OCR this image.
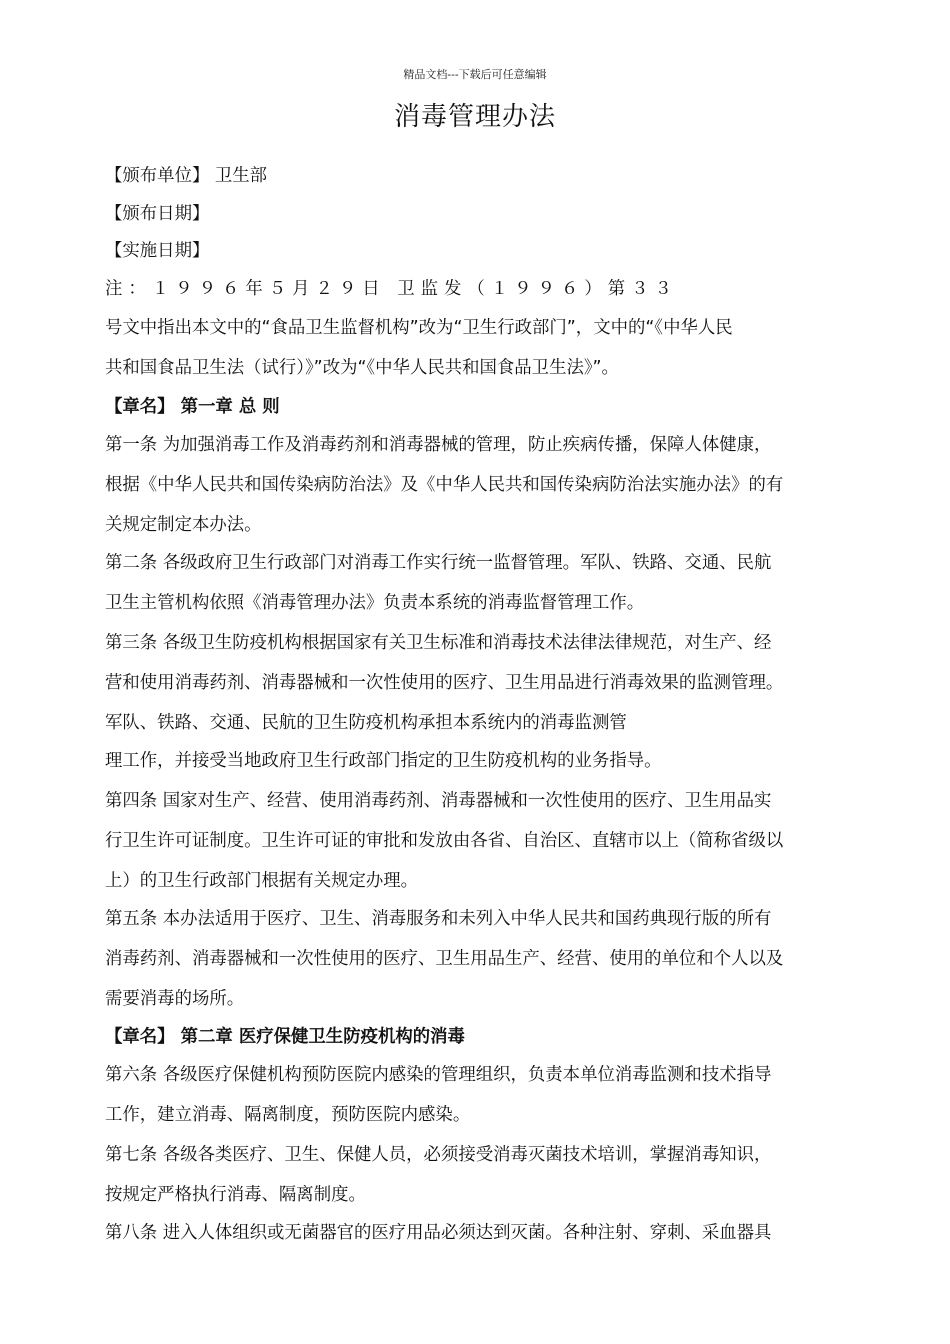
精品文档---下载后可任意编辑
消毒管理办法
【颁布单位】 卫生部
【颁布日期】
【实施日期】
注：１９９６年５月２９日 卫监发（１９９６）第３３
号文中指出本文中的“食品卫生监督机构”改为“卫生行政部门”，文中的“《中华人民
共和国食品卫生法（试行）》”改为“《中华人民共和国食品卫生法》”。
【章名】 第一章 总 则
第一条 为加强消毒工作及消毒药剂和消毒器械的管理，防止疾病传播，保障人体健康，
根据《中华人民共和国传染病防治法》及《中华人民共和国传染病防治法实施办法》的有
关规定制定本办法。
第二条 各级政府卫生行政部门对消毒工作实行统一监督管理。军队、铁路、交通、民航
卫生主管机构依照《消毒管理办法》负责本系统的消毒监督管理工作。
第三条 各级卫生防疫机构根据国家有关卫生标准和消毒技术法律法律规范，对生产、经
营和使用消毒药剂、消毒器械和一次性使用的医疗、卫生用品进行消毒效果的监测管理。
军队、铁路、交通、民航的卫生防疫机构承担本系统内的消毒监测管
理工作，并接受当地政府卫生行政部门指定的卫生防疫机构的业务指导。
第四条 国家对生产、经营、使用消毒药剂、消毒器械和一次性使用的医疗、卫生用品实
行卫生许可证制度。卫生许可证的审批和发放由各省、自治区、直辖市以上（简称省级以
上）的卫生行政部门根据有关规定办理。
第五条 本办法适用于医疗、卫生、消毒服务和未列入中华人民共和国药典现行版的所有
消毒药剂、消毒器械和一次性使用的医疗、卫生用品生产、经营、使用的单位和个人以及
需要消毒的场所。
【章名】 第二章 医疗保健卫生防疫机构的消毒
第六条 各级医疗保健机构预防医院内感染的管理组织，负责本单位消毒监测和技术指导
工作，建立消毒、隔离制度，预防医院内感染。
第七条 各级各类医疗、卫生、保健人员，必须接受消毒灭菌技术培训，掌握消毒知识，
按规定严格执行消毒、隔离制度。
第八条 进入人体组织或无菌器官的医疗用品必须达到灭菌。各种注射、穿刺、采血器具
